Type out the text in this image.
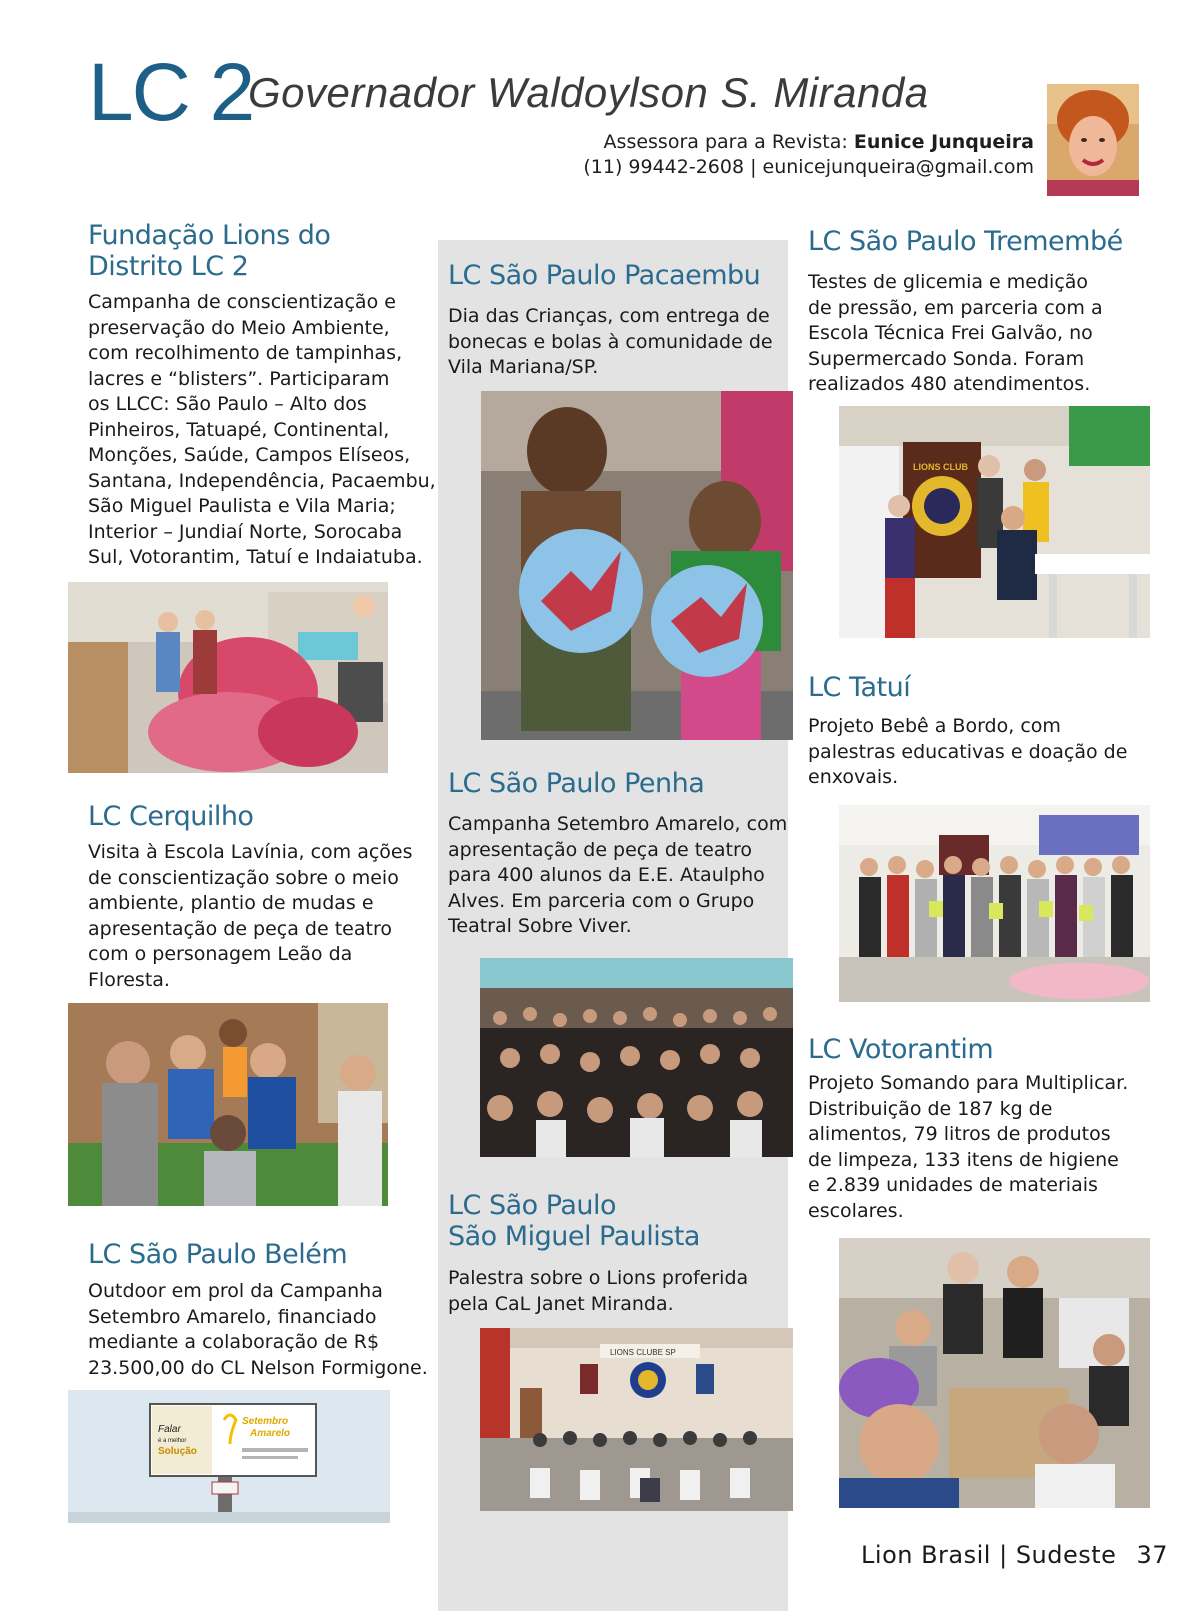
LC 2
Governador Waldoylson S. Miranda
Assessora para a Revista: Eunice Junqueira
(11) 99442-2608 | eunicejunqueira@gmail.com
Fundação Lions do
Distrito LC 2
Campanha de conscientização e
preservação do Meio Ambiente,
com recolhimento de tampinhas,
lacres e “blisters”. Participaram
os LLCC: São Paulo – Alto dos
Pinheiros, Tatuapé, Continental,
Monções, Saúde, Campos Elíseos,
Santana, Independência, Pacaembu,
São Miguel Paulista e Vila Maria;
Interior – Jundiaí Norte, Sorocaba
Sul, Votorantim, Tatuí e Indaiatuba.
LC Cerquilho
Visita à Escola Lavínia, com ações
de conscientização sobre o meio
ambiente, plantio de mudas e
apresentação de peça de teatro
com o personagem Leão da
Floresta.
LC São Paulo Belém
Outdoor em prol da Campanha
Setembro Amarelo, financiado
mediante a colaboração de R$
23.500,00 do CL Nelson Formigone.
Falar
é a melhor
Solução
Setembro
Amarelo
LC São Paulo Pacaembu
Dia das Crianças, com entrega de
bonecas e bolas à comunidade de
Vila Mariana/SP.
LC São Paulo Penha
Campanha Setembro Amarelo, com
apresentação de peça de teatro
para 400 alunos da E.E. Ataulpho
Alves. Em parceria com o Grupo
Teatral Sobre Viver.
LC São Paulo
São Miguel Paulista
Palestra sobre o Lions proferida
pela CaL Janet Miranda.
LIONS CLUBE SP
LC São Paulo Tremembé
Testes de glicemia e medição
de pressão, em parceria com a
Escola Técnica Frei Galvão, no
Supermercado Sonda. Foram
realizados 480 atendimentos.
LIONS CLUB
LC Tatuí
Projeto Bebê a Bordo, com
palestras educativas e doação de
enxovais.
LC Votorantim
Projeto Somando para Multiplicar.
Distribuição de 187 kg de
alimentos, 79 litros de produtos
de limpeza, 133 itens de higiene
e 2.839 unidades de materiais
escolares.
Lion Brasil | Sudeste 37
